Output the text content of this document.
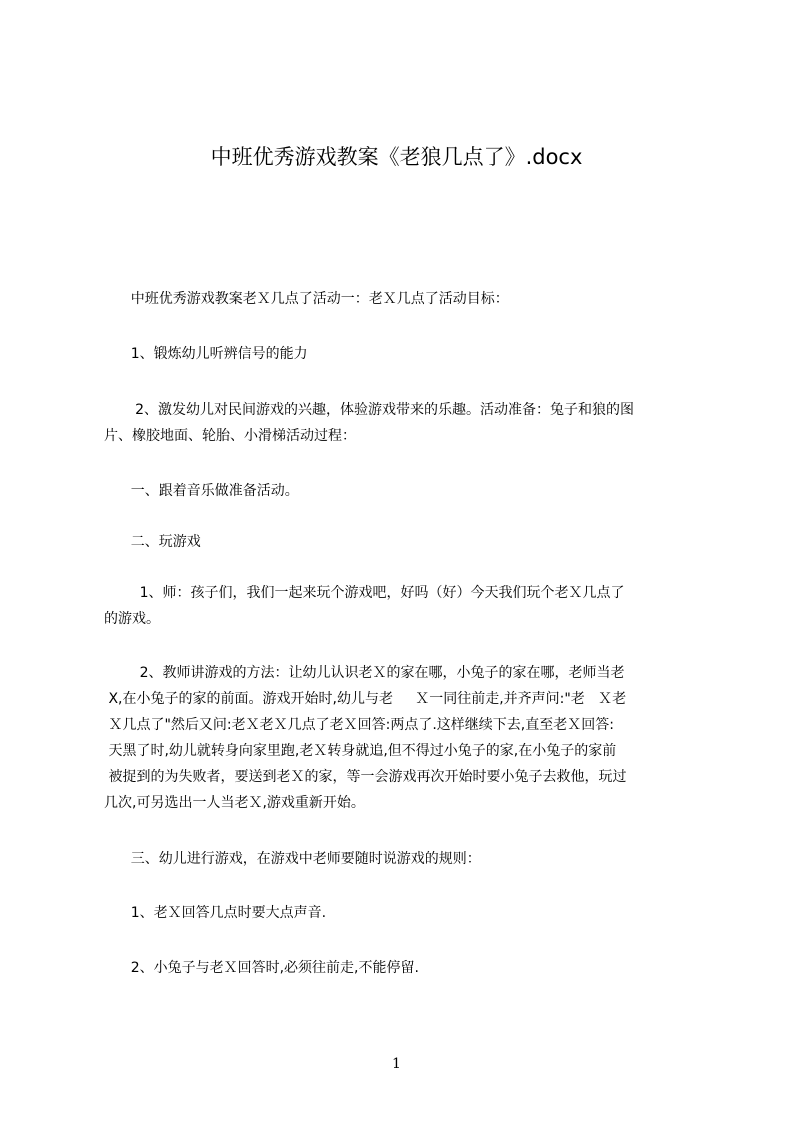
中班优秀游戏教案《老狼几点了》.docx
中班优秀游戏教案老Ｘ几点了活动一：老Ｘ几点了活动目标：
1、锻炼幼儿听辨信号的能力
2、激发幼儿对民间游戏的兴趣，体验游戏带来的乐趣。活动准备：兔子和狼的图
片、橡胶地面、轮胎、小滑梯活动过程：
一、跟着音乐做准备活动。
二、玩游戏
1、师：孩子们，我们一起来玩个游戏吧，好吗（好）今天我们玩个老Ｘ几点了
的游戏。
2、教师讲游戏的方法：让幼儿认识老Ｘ的家在哪，小兔子的家在哪，老师当老
X,在小兔子的家的前面。游戏开始时,幼儿与老     Ｘ一同往前走,并齐声问:"老   Ｘ老
Ｘ几点了"然后又问:老Ｘ老Ｘ几点了老Ｘ回答:两点了.这样继续下去,直至老Ｘ回答:
天黑了时,幼儿就转身向家里跑,老Ｘ转身就追,但不得过小兔子的家,在小兔子的家前
被捉到的为失败者，要送到老Ｘ的家，等一会游戏再次开始时要小兔子去救他，玩过
几次,可另选出一人当老Ｘ,游戏重新开始。
三、幼儿进行游戏，在游戏中老师要随时说游戏的规则：
1、老Ｘ回答几点时要大点声音.
2、小兔子与老Ｘ回答时,必须往前走,不能停留.
1
